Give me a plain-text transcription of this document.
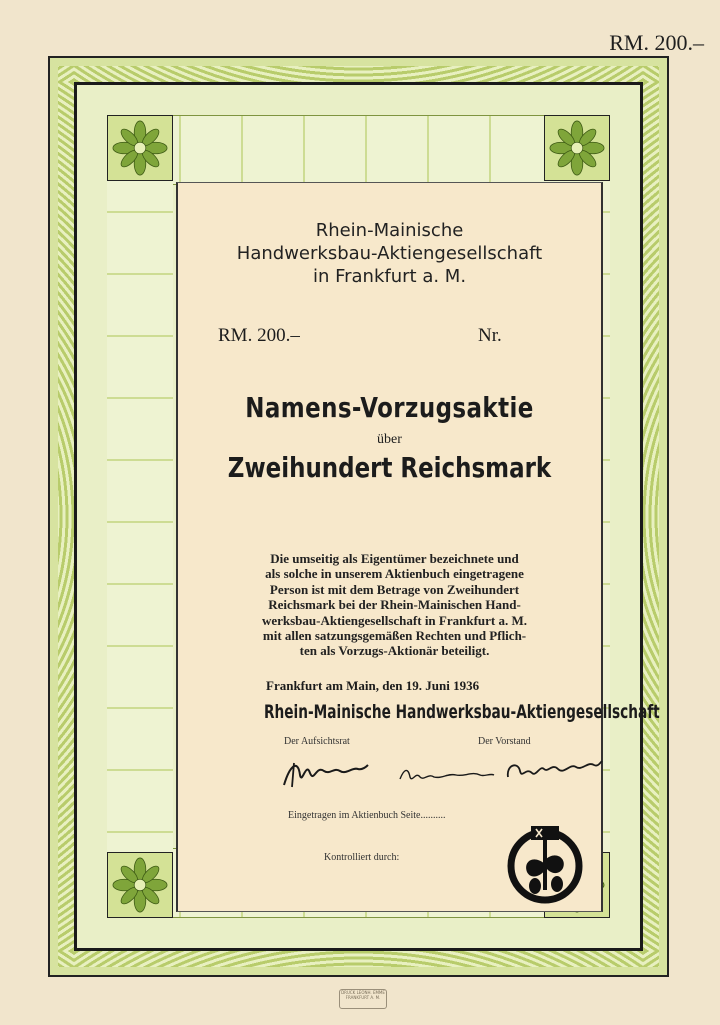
RM. 200.–
Rhein-Mainische
Handwerksbau-Aktiengesellschaft
in Frankfurt a. M.
RM. 200.–	Nr.
Namens-Vorzugsaktie
über
Zweihundert Reichsmark
Die umseitig als Eigentümer bezeichnete und
als solche in unserem Aktienbuch eingetragene
Person ist mit dem Betrage von Zweihundert
Reichsmark bei der Rhein-Mainischen Hand-
werksbau-Aktiengesellschaft in Frankfurt a. M.
mit allen satzungsgemäßen Rechten und Pflich-
ten als Vorzugs-Aktionär beteiligt.
Frankfurt am Main, den 19. Juni 1936
Rhein-Mainische Handwerksbau-Aktiengesellschaft
Der Aufsichtsrat	Der Vorstand
Eingetragen im Aktienbuch Seite..........
Kontrolliert durch:
DRUCK LEONH. EMME FRANKFURT A. M.
